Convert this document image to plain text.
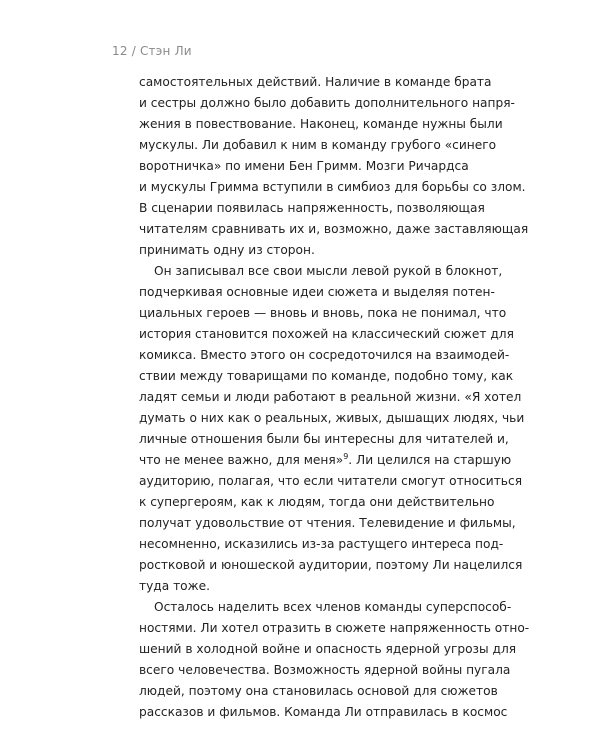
12 / Стэн Ли
самостоятельных действий. Наличие в команде брата
и сестры должно было добавить дополнительного напря-
жения в повествование. Наконец, команде нужны были
мускулы. Ли добавил к ним в команду грубого «синего
воротничка» по имени Бен Гримм. Мозги Ричардса
и мускулы Гримма вступили в симбиоз для борьбы со злом.
В сценарии появилась напряженность, позволяющая
читателям сравнивать их и, возможно, даже заставляющая
принимать одну из сторон.
Он записывал все свои мысли левой рукой в блокнот,
подчеркивая основные идеи сюжета и выделяя потен-
циальных героев — вновь и вновь, пока не понимал, что
история становится похожей на классический сюжет для
комикса. Вместо этого он сосредоточился на взаимодей-
ствии между товарищами по команде, подобно тому, как
ладят семьи и люди работают в реальной жизни. «Я хотел
думать о них как о реальных, живых, дышащих людях, чьи
личные отношения были бы интересны для читателей и,
что не менее важно, для меня»$^9$. Ли целился на старшую
аудиторию, полагая, что если читатели смогут относиться
к супергероям, как к людям, тогда они действительно
получат удовольствие от чтения. Телевидение и фильмы,
несомненно, исказились из-за растущего интереса под-
ростковой и юношеской аудитории, поэтому Ли нацелился
туда тоже.
Осталось наделить всех членов команды суперспособ-
ностями. Ли хотел отразить в сюжете напряженность отно-
шений в холодной войне и опасность ядерной угрозы для
всего человечества. Возможность ядерной войны пугала
людей, поэтому она становилась основой для сюжетов
рассказов и фильмов. Команда Ли отправилась в космос
